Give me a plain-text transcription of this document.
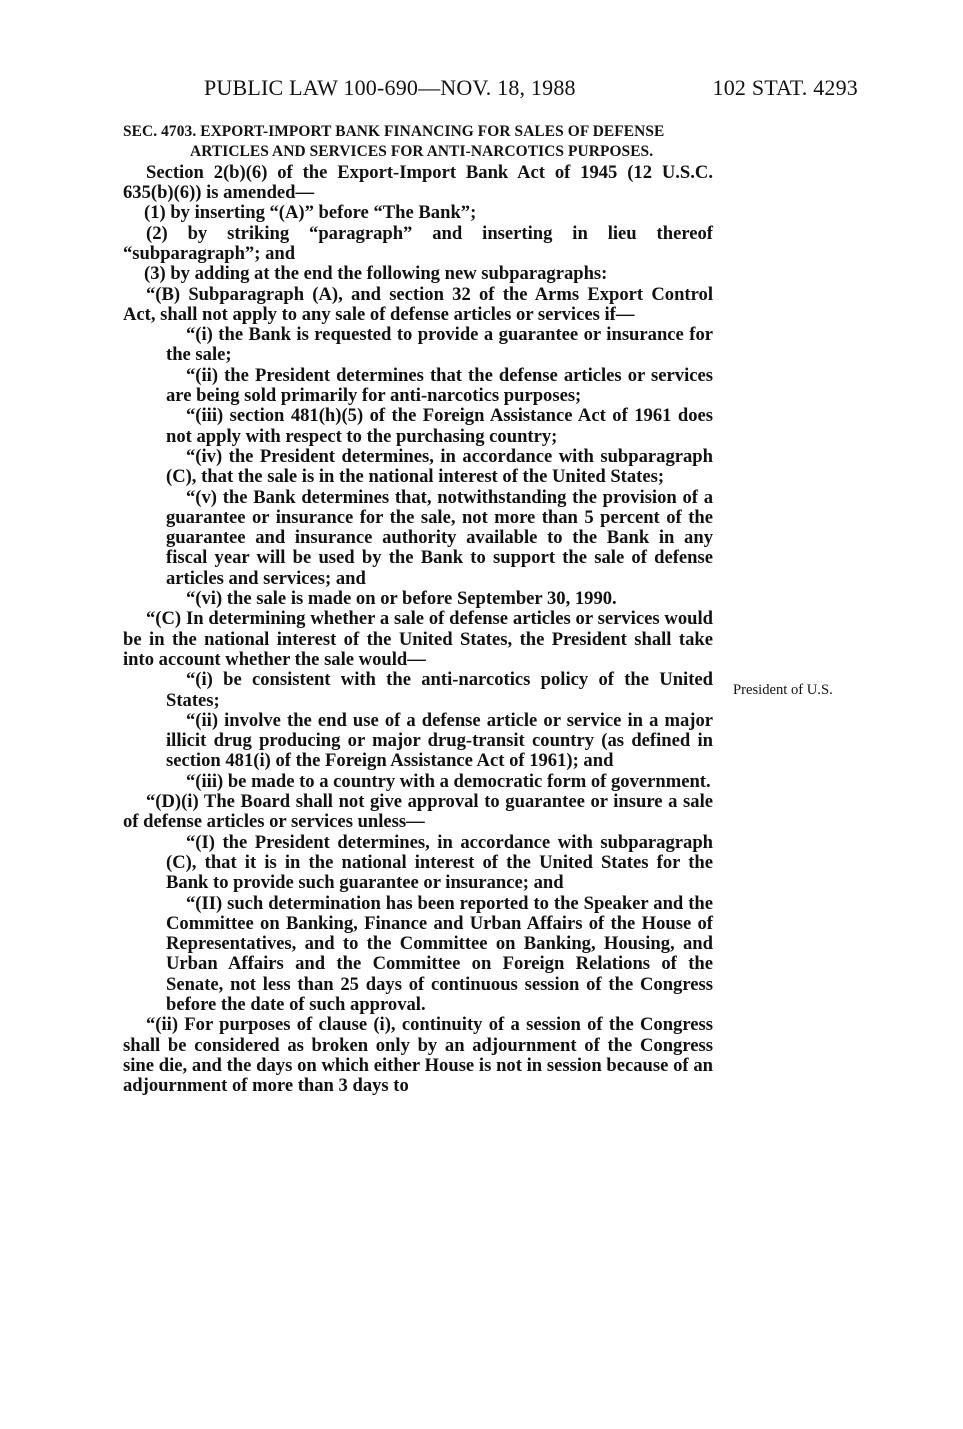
PUBLIC LAW 100-690—NOV. 18, 1988	102 STAT. 4293

SEC. 4703. EXPORT-IMPORT BANK FINANCING FOR SALES OF DEFENSE ARTICLES AND SERVICES FOR ANTI-NARCOTICS PURPOSES.

Section 2(b)(6) of the Export-Import Bank Act of 1945 (12 U.S.C. 635(b)(6)) is amended—

(1) by inserting “(A)” before “The Bank”;

(2) by striking “paragraph” and inserting in lieu thereof “subparagraph”; and

(3) by adding at the end the following new subparagraphs:

“(B) Subparagraph (A), and section 32 of the Arms Export Control Act, shall not apply to any sale of defense articles or services if—

“(i) the Bank is requested to provide a guarantee or insurance for the sale;

“(ii) the President determines that the defense articles or services are being sold primarily for anti-narcotics purposes;

“(iii) section 481(h)(5) of the Foreign Assistance Act of 1961 does not apply with respect to the purchasing country;

“(iv) the President determines, in accordance with subparagraph (C), that the sale is in the national interest of the United States;

“(v) the Bank determines that, notwithstanding the provision of a guarantee or insurance for the sale, not more than 5 percent of the guarantee and insurance authority available to the Bank in any fiscal year will be used by the Bank to support the sale of defense articles and services; and

“(vi) the sale is made on or before September 30, 1990.

“(C) In determining whether a sale of defense articles or services would be in the national interest of the United States, the President shall take into account whether the sale would—

“(i) be consistent with the anti-narcotics policy of the United States;

“(ii) involve the end use of a defense article or service in a major illicit drug producing or major drug-transit country (as defined in section 481(i) of the Foreign Assistance Act of 1961); and

“(iii) be made to a country with a democratic form of government.

“(D)(i) The Board shall not give approval to guarantee or insure a sale of defense articles or services unless—

“(I) the President determines, in accordance with subparagraph (C), that it is in the national interest of the United States for the Bank to provide such guarantee or insurance; and

“(II) such determination has been reported to the Speaker and the Committee on Banking, Finance and Urban Affairs of the House of Representatives, and to the Committee on Banking, Housing, and Urban Affairs and the Committee on Foreign Relations of the Senate, not less than 25 days of continuous session of the Congress before the date of such approval.

“(ii) For purposes of clause (i), continuity of a session of the Congress shall be considered as broken only by an adjournment of the Congress sine die, and the days on which either House is not in session because of an adjournment of more than 3 days to

President of U.S.
